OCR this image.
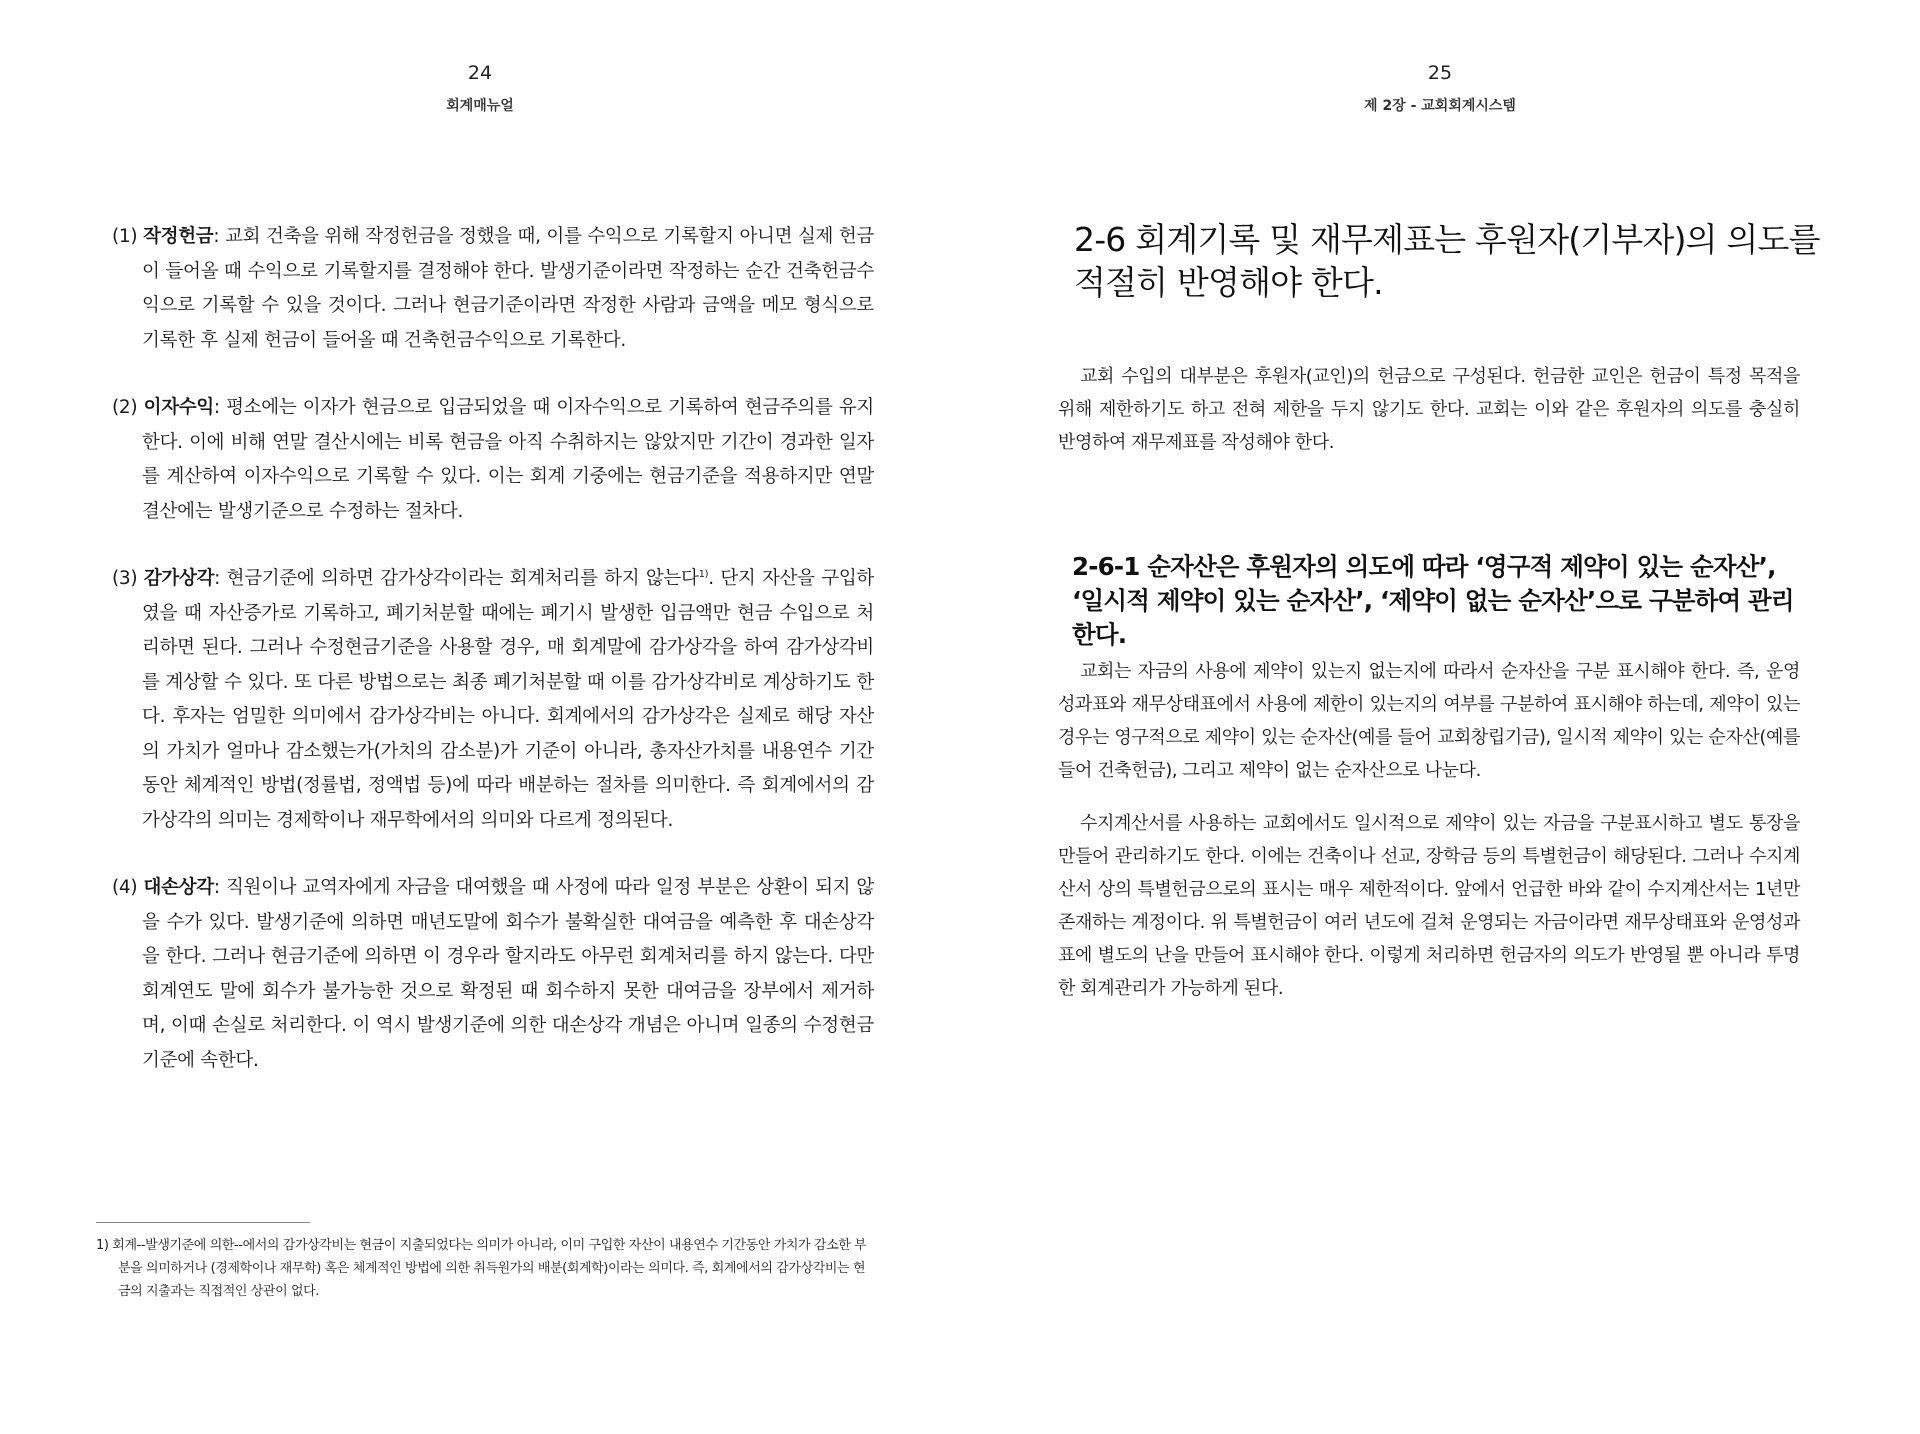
24
회계매뉴얼

(1) 작정헌금: 교회 건축을 위해 작정헌금을 정했을 때, 이를 수익으로 기록할지 아니면 실제 헌금이 들어올 때 수익으로 기록할지를 결정해야 한다. 발생기준이라면 작정하는 순간 건축헌금수익으로 기록할 수 있을 것이다. 그러나 현금기준이라면 작정한 사람과 금액을 메모 형식으로 기록한 후 실제 헌금이 들어올 때 건축헌금수익으로 기록한다.

(2) 이자수익: 평소에는 이자가 현금으로 입금되었을 때 이자수익으로 기록하여 현금주의를 유지한다. 이에 비해 연말 결산시에는 비록 현금을 아직 수취하지는 않았지만 기간이 경과한 일자를 계산하여 이자수익으로 기록할 수 있다. 이는 회계 기중에는 현금기준을 적용하지만 연말 결산에는 발생기준으로 수정하는 절차다.

(3) 감가상각: 현금기준에 의하면 감가상각이라는 회계처리를 하지 않는다$^{1)}$. 단지 자산을 구입하였을 때 자산증가로 기록하고, 폐기처분할 때에는 폐기시 발생한 입금액만 현금 수입으로 처리하면 된다. 그러나 수정현금기준을 사용할 경우, 매 회계말에 감가상각을 하여 감가상각비를 계상할 수 있다. 또 다른 방법으로는 최종 폐기처분할 때 이를 감가상각비로 계상하기도 한다. 후자는 엄밀한 의미에서 감가상각비는 아니다. 회계에서의 감가상각은 실제로 해당 자산의 가치가 얼마나 감소했는가(가치의 감소분)가 기준이 아니라, 총자산가치를 내용연수 기간동안 체계적인 방법(정률법, 정액법 등)에 따라 배분하는 절차를 의미한다. 즉 회계에서의 감가상각의 의미는 경제학이나 재무학에서의 의미와 다르게 정의된다.

(4) 대손상각: 직원이나 교역자에게 자금을 대여했을 때 사정에 따라 일정 부분은 상환이 되지 않을 수가 있다. 발생기준에 의하면 매년도말에 회수가 불확실한 대여금을 예측한 후 대손상각을 한다. 그러나 현금기준에 의하면 이 경우라 할지라도 아무런 회계처리를 하지 않는다. 다만 회계연도 말에 회수가 불가능한 것으로 확정된 때 회수하지 못한 대여금을 장부에서 제거하며, 이때 손실로 처리한다. 이 역시 발생기준에 의한 대손상각 개념은 아니며 일종의 수정현금기준에 속한다.

1) 회계--발생기준에 의한--에서의 감가상각비는 현금이 지출되었다는 의미가 아니라, 이미 구입한 자산이 내용연수 기간동안 가치가 감소한 부분을 의미하거나 (경제학이나 재무학) 혹은 체계적인 방법에 의한 취득원가의 배분(회계학)이라는 의미다. 즉, 회계에서의 감가상각비는 현금의 지출과는 직접적인 상관이 없다.

25
제 2장 - 교회회계시스템
2-6 회계기록 및 재무제표는 후원자(기부자)의 의도를 적절히 반영해야 한다.

교회 수입의 대부분은 후원자(교인)의 헌금으로 구성된다. 헌금한 교인은 헌금이 특정 목적을 위해 제한하기도 하고 전혀 제한을 두지 않기도 한다. 교회는 이와 같은 후원자의 의도를 충실히 반영하여 재무제표를 작성해야 한다.

2-6-1 순자산은 후원자의 의도에 따라 ‘영구적 제약이 있는 순자산’, ‘일시적 제약이 있는 순자산’, ‘제약이 없는 순자산’으로 구분하여 관리한다.

교회는 자금의 사용에 제약이 있는지 없는지에 따라서 순자산을 구분 표시해야 한다. 즉, 운영성과표와 재무상태표에서 사용에 제한이 있는지의 여부를 구분하여 표시해야 하는데, 제약이 있는 경우는 영구적으로 제약이 있는 순자산(예를 들어 교회창립기금), 일시적 제약이 있는 순자산(예를 들어 건축헌금), 그리고 제약이 없는 순자산으로 나눈다.

수지계산서를 사용하는 교회에서도 일시적으로 제약이 있는 자금을 구분표시하고 별도 통장을 만들어 관리하기도 한다. 이에는 건축이나 선교, 장학금 등의 특별헌금이 해당된다. 그러나 수지계산서 상의 특별헌금으로의 표시는 매우 제한적이다. 앞에서 언급한 바와 같이 수지계산서는 1년만 존재하는 계정이다. 위 특별헌금이 여러 년도에 걸쳐 운영되는 자금이라면 재무상태표와 운영성과표에 별도의 난을 만들어 표시해야 한다. 이렇게 처리하면 헌금자의 의도가 반영될 뿐 아니라 투명한 회계관리가 가능하게 된다.
